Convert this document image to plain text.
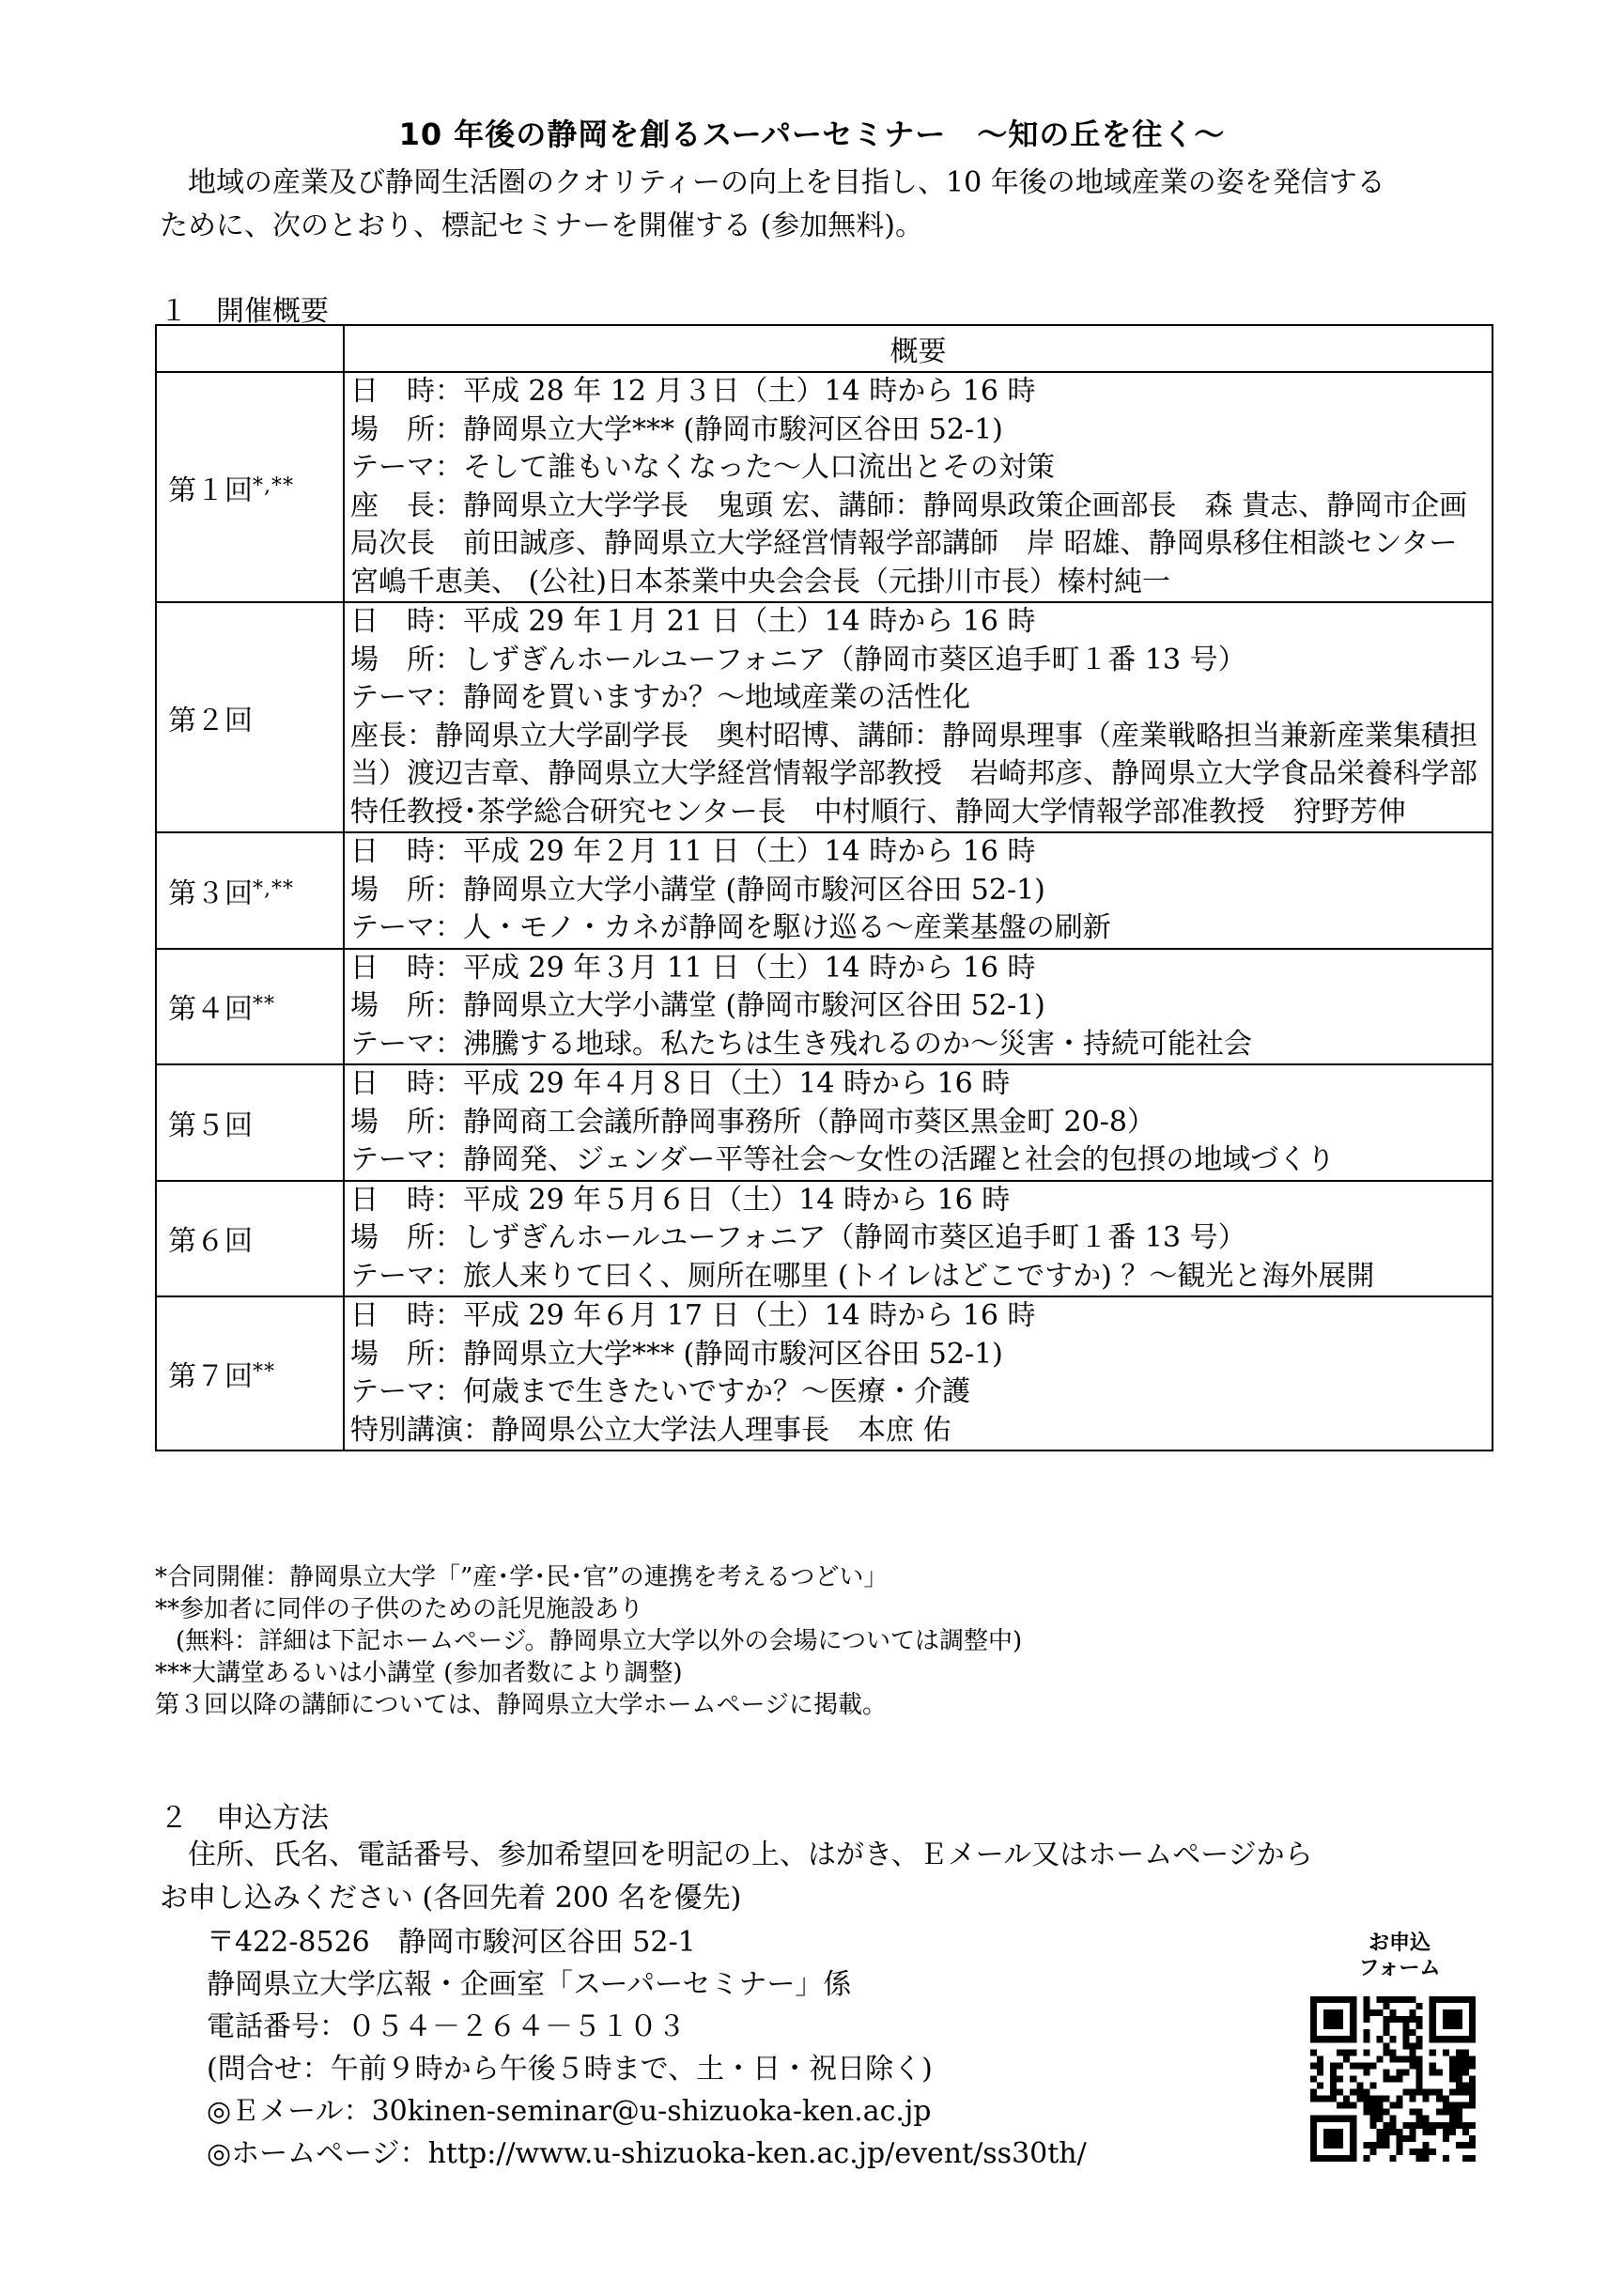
10 年後の静岡を創るスーパーセミナー　～知の丘を往く～

地域の産業及び静岡生活圏のクオリティーの向上を目指し、10 年後の地域産業の姿を発信する

ために、次のとおり、標記セミナーを開催する (参加無料)。

１　開催概要
	概要
第１回*,**	日　時：平成 28 年 12 月３日（土）14 時から 16 時
場　所：静岡県立大学*** (静岡市駿河区谷田 52-1)
テーマ：そして誰もいなくなった～人口流出とその対策
座　長：静岡県立大学学長　鬼頭 宏、講師：静岡県政策企画部長　森 貴志、静岡市企画局次長　前田誠彦、静岡県立大学経営情報学部講師　岸 昭雄、静岡県移住相談センター　宮嶋千恵美、 (公社)日本茶業中央会会長（元掛川市長）榛村純一

第２回	日　時：平成 29 年１月 21 日（土）14 時から 16 時
場　所：しずぎんホールユーフォニア（静岡市葵区追手町１番 13 号）
テーマ：静岡を買いますか？～地域産業の活性化
座長：静岡県立大学副学長　奥村昭博、講師：静岡県理事（産業戦略担当兼新産業集積担当）渡辺吉章、静岡県立大学経営情報学部教授　岩崎邦彦、静岡県立大学食品栄養科学部特任教授･茶学総合研究センター長　中村順行、静岡大学情報学部准教授　狩野芳伸

第３回*,**	日　時：平成 29 年２月 11 日（土）14 時から 16 時
場　所：静岡県立大学小講堂 (静岡市駿河区谷田 52-1)
テーマ：人・モノ・カネが静岡を駆け巡る～産業基盤の刷新

第４回**	日　時：平成 29 年３月 11 日（土）14 時から 16 時
場　所：静岡県立大学小講堂 (静岡市駿河区谷田 52-1)
テーマ：沸騰する地球。私たちは生き残れるのか～災害・持続可能社会

第５回	日　時：平成 29 年４月８日（土）14 時から 16 時
場　所：静岡商工会議所静岡事務所（静岡市葵区黒金町 20-8）
テーマ：静岡発、ジェンダー平等社会～女性の活躍と社会的包摂の地域づくり

第６回	日　時：平成 29 年５月６日（土）14 時から 16 時
場　所：しずぎんホールユーフォニア（静岡市葵区追手町１番 13 号）
テーマ：旅人来りて曰く、厕所在哪里 (トイレはどこですか) ？～観光と海外展開

第７回**	日　時：平成 29 年６月 17 日（土）14 時から 16 時
場　所：静岡県立大学*** (静岡市駿河区谷田 52-1)
テーマ：何歳まで生きたいですか？～医療・介護
特別講演：静岡県公立大学法人理事長　本庶 佑
*合同開催：静岡県立大学「”産･学･民･官”の連携を考えるつどい」
**参加者に同伴の子供のための託児施設あり
(無料：詳細は下記ホームページ。静岡県立大学以外の会場については調整中)
***大講堂あるいは小講堂 (参加者数により調整)
第３回以降の講師については、静岡県立大学ホームページに掲載。
２　申込方法

住所、氏名、電話番号、参加希望回を明記の上、はがき、Ｅメール又はホームページから

お申し込みください (各回先着 200 名を優先)

〒422-8526　静岡市駿河区谷田 52-1
静岡県立大学広報・企画室「スーパーセミナー」係
電話番号：０５４－２６４－５１０３
(問合せ：午前９時から午後５時まで、土・日・祝日除く)
◎Ｅメール：30kinen-seminar@u-shizuoka-ken.ac.jp
◎ホームページ：http://www.u-shizuoka-ken.ac.jp/event/ss30th/
お申込
フォーム
